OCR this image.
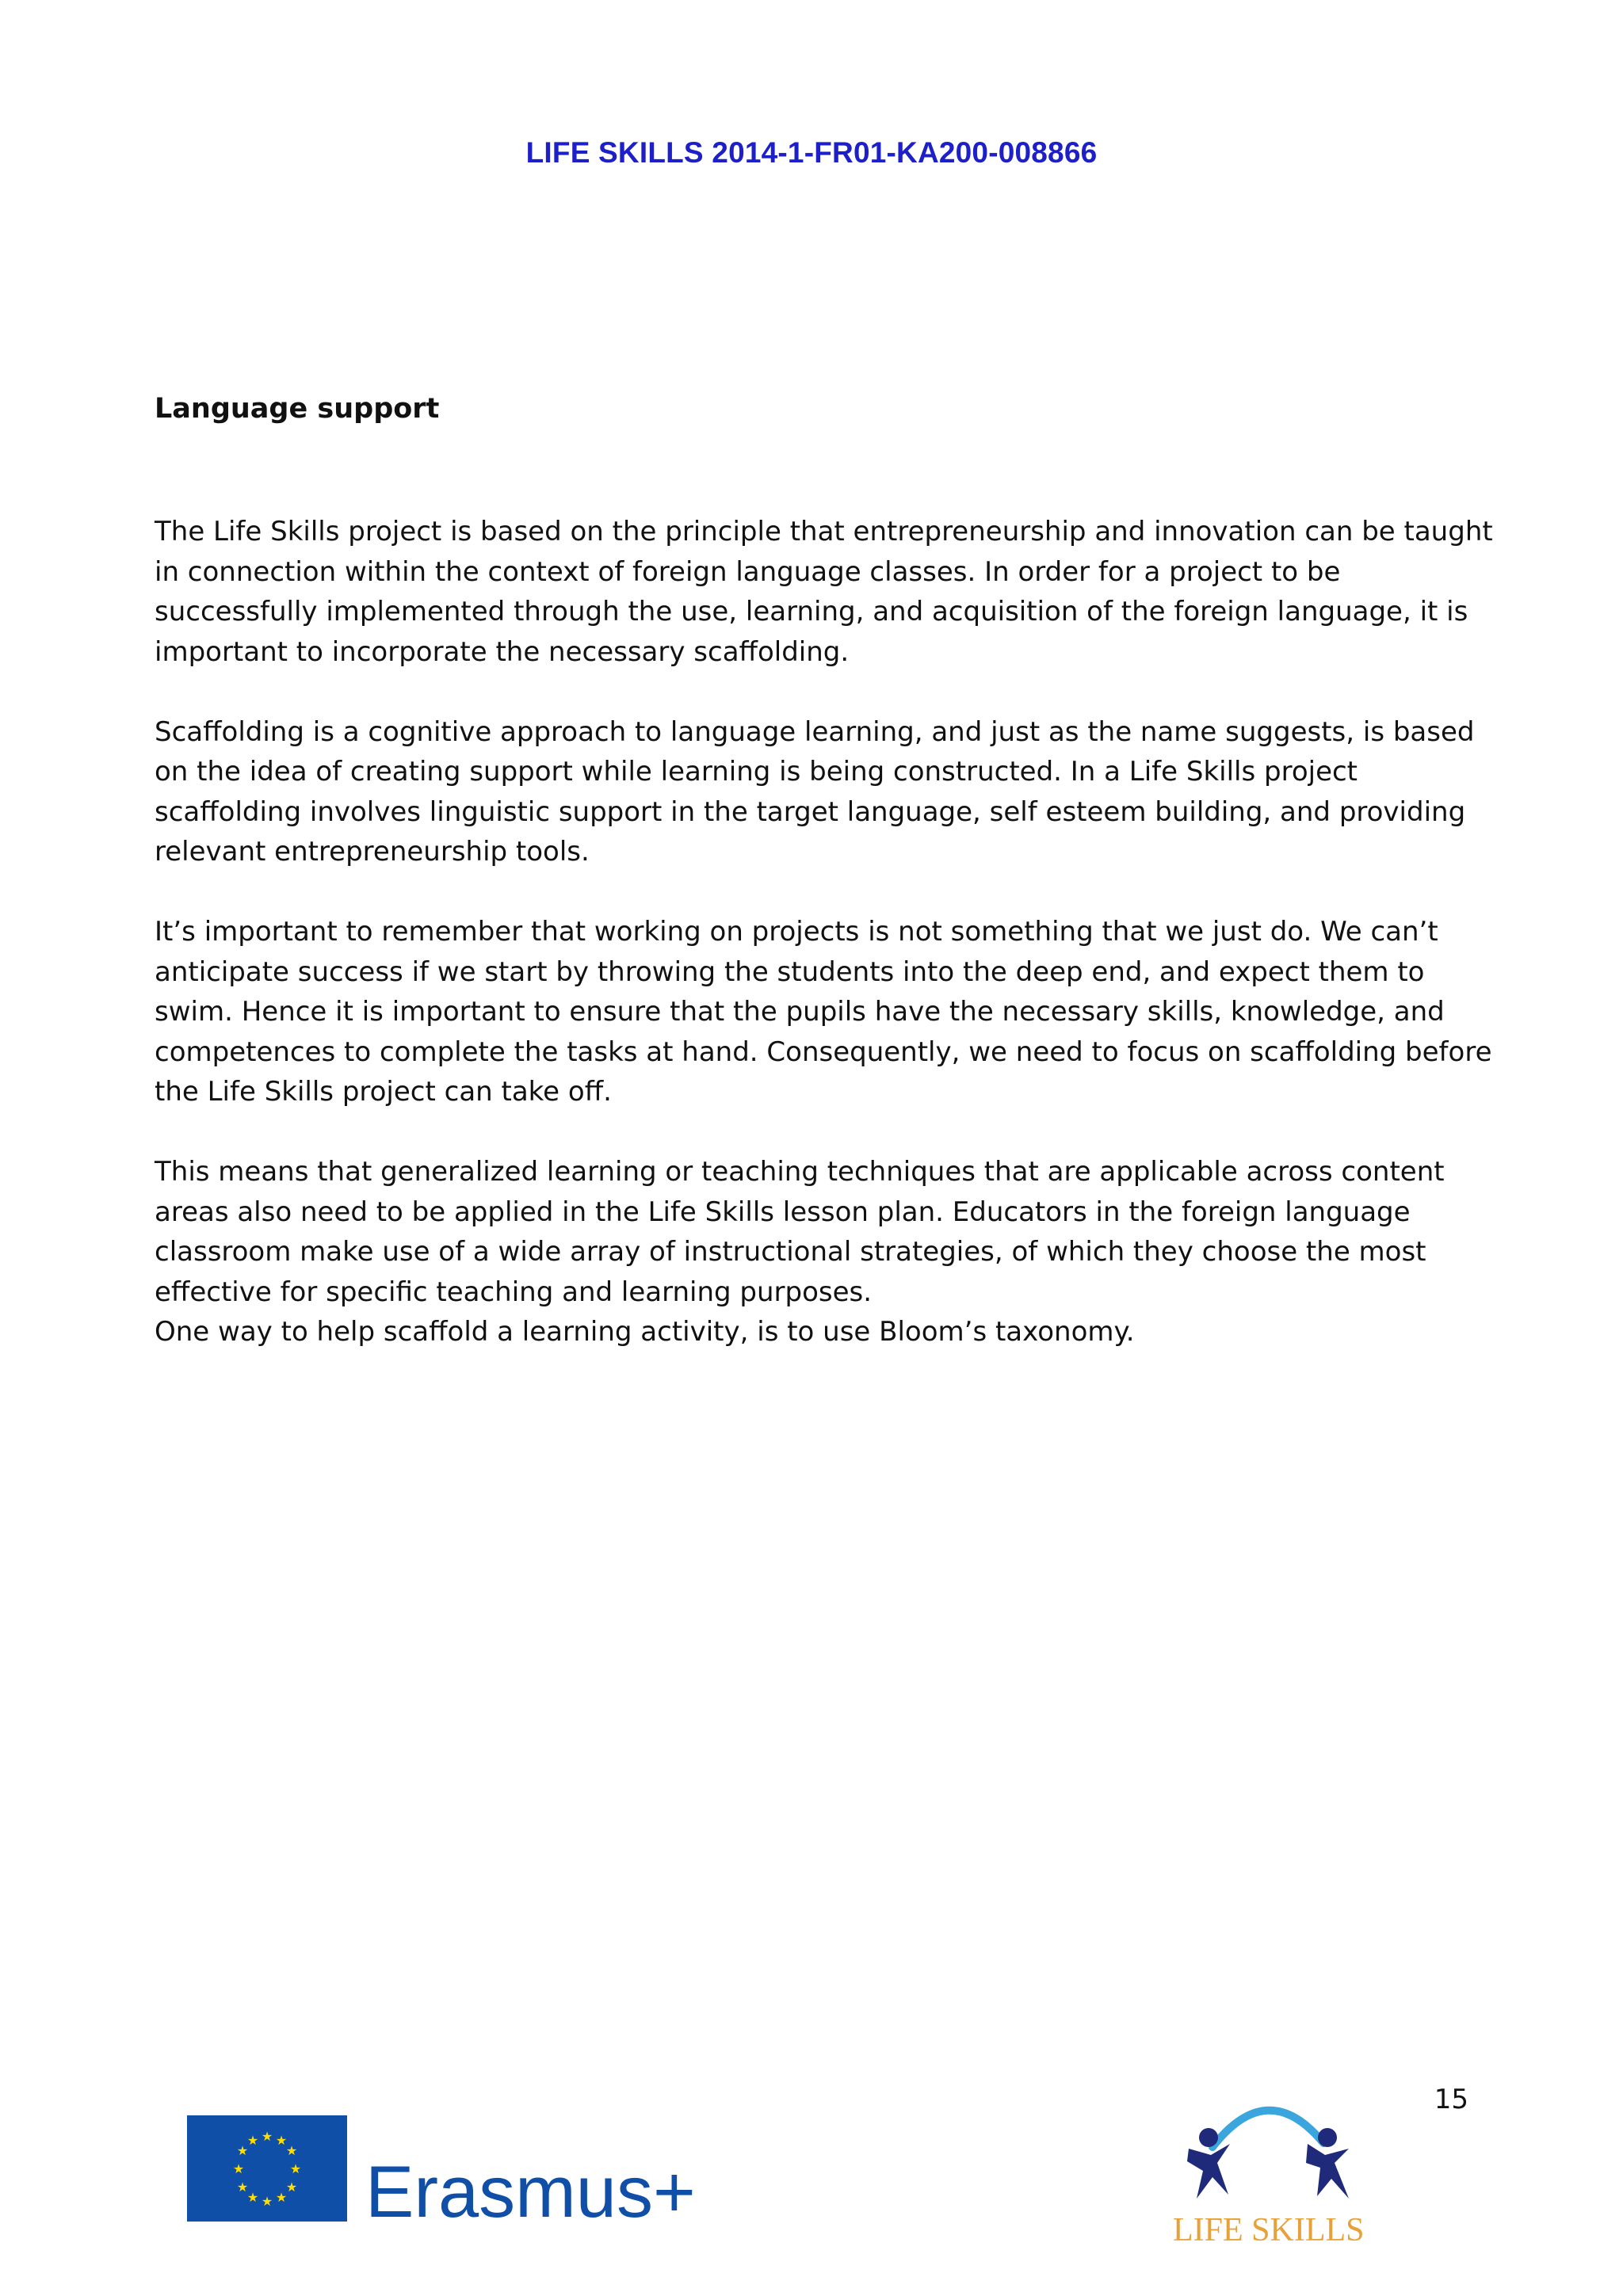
LIFE SKILLS 2014-1-FR01-KA200-008866
Language support

The Life Skills project is based on the principle that entrepreneurship and innovation can be taught in connection within the context of foreign language classes. In order for a project to be successfully implemented through the use, learning, and acquisition of the foreign language, it is important to incorporate the necessary scaffolding.

Scaffolding is a cognitive approach to language learning, and just as the name suggests, is based on the idea of creating support while learning is being constructed. In a Life Skills project scaffolding involves linguistic support in the target language, self esteem building, and providing relevant entrepreneurship tools.

It’s important to remember that working on projects is not something that we just do. We can’t anticipate success if we start by throwing the students into the deep end, and expect them to swim. Hence it is important to ensure that the pupils have the necessary skills, knowledge, and competences to complete the tasks at hand. Consequently, we need to focus on scaffolding before the Life Skills project can take off.

This means that generalized learning or teaching techniques that are applicable across content areas also need to be applied in the Life Skills lesson plan. Educators in the foreign language classroom make use of a wide array of instructional strategies, of which they choose the most effective for specific teaching and learning purposes.

One way to help scaffold a learning activity, is to use Bloom’s taxonomy.

15
★ ★
★
★
★
★
★
★
★
★
★
★
Erasmus+	LIFE SKILLS
